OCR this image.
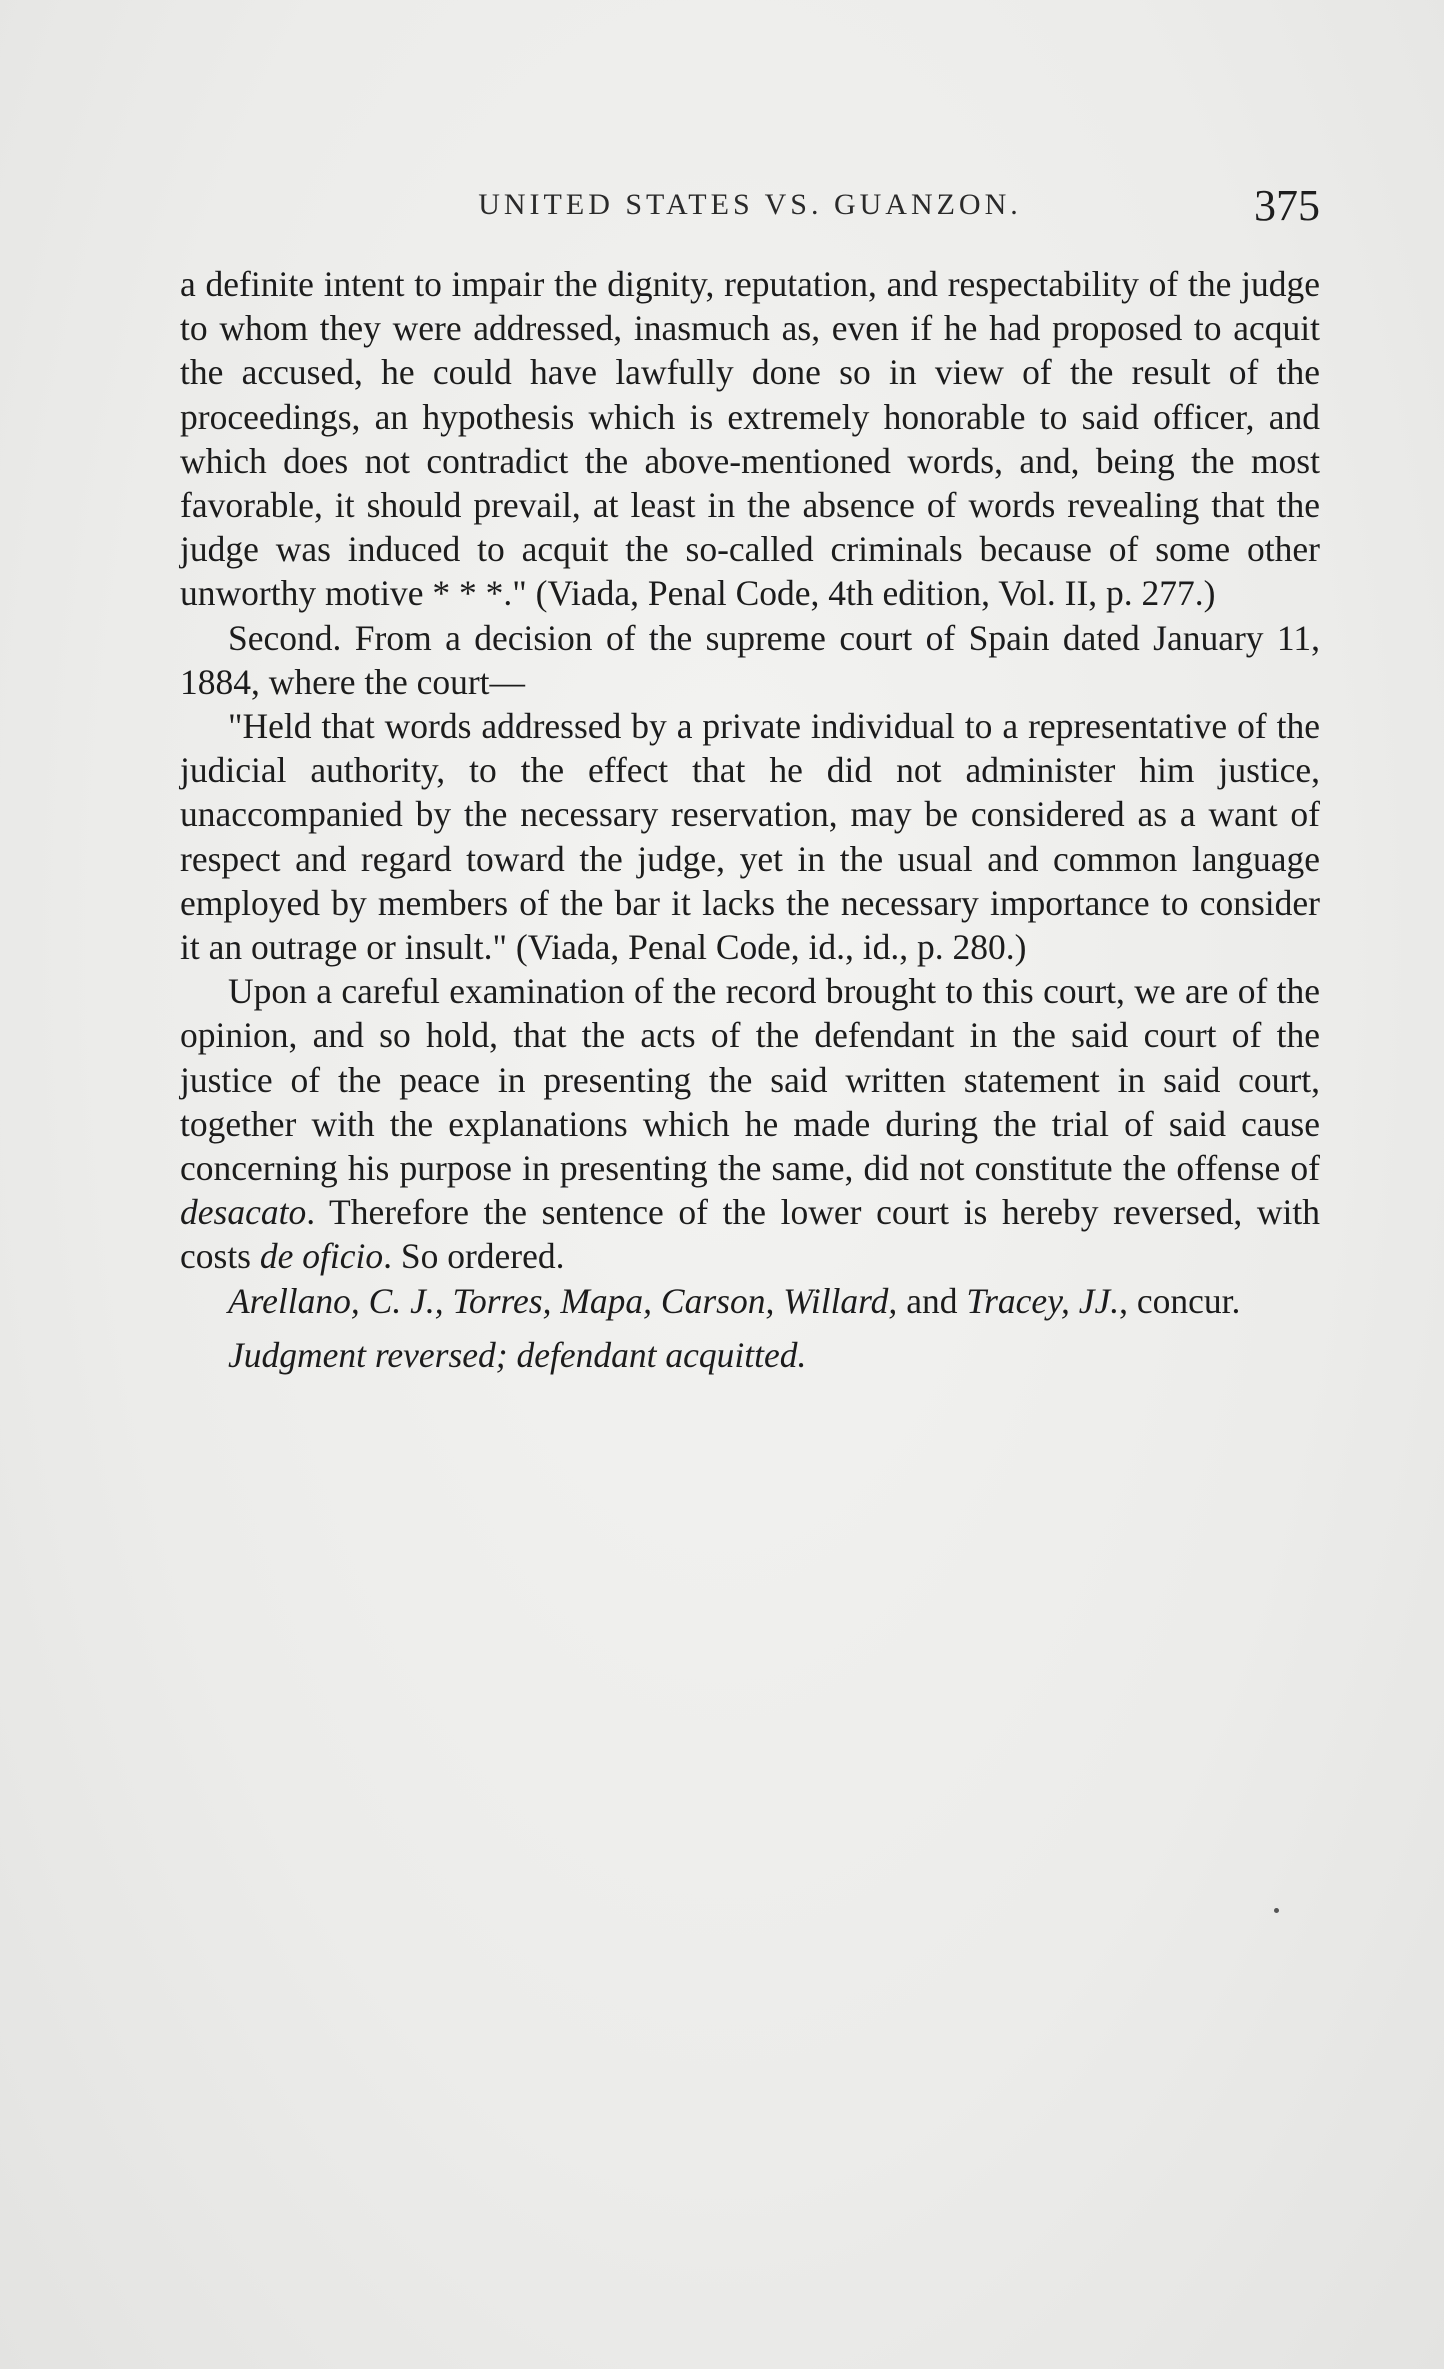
UNITED STATES VS. GUANZON.	375

a definite intent to impair the dignity, reputation, and respectability of the judge to whom they were addressed, inasmuch as, even if he had proposed to acquit the accused, he could have lawfully done so in view of the result of the proceedings, an hypothesis which is extremely honorable to said officer, and which does not contradict the above-mentioned words, and, being the most favorable, it should prevail, at least in the absence of words revealing that the judge was induced to acquit the so-called criminals because of some other unworthy motive * * *." (Viada, Penal Code, 4th edition, Vol. II, p. 277.)

Second. From a decision of the supreme court of Spain dated January 11, 1884, where the court—

"Held that words addressed by a private individual to a representative of the judicial authority, to the effect that he did not administer him justice, unaccompanied by the necessary reservation, may be considered as a want of respect and regard toward the judge, yet in the usual and common language employed by members of the bar it lacks the necessary importance to consider it an outrage or insult." (Viada, Penal Code, id., id., p. 280.)

Upon a careful examination of the record brought to this court, we are of the opinion, and so hold, that the acts of the defendant in the said court of the justice of the peace in presenting the said written statement in said court, together with the explanations which he made during the trial of said cause concerning his purpose in presenting the same, did not constitute the offense of desacato. Therefore the sentence of the lower court is hereby reversed, with costs de oficio. So ordered.

Arellano, C. J., Torres, Mapa, Carson, Willard, and Tracey, JJ., concur.

Judgment reversed; defendant acquitted.
